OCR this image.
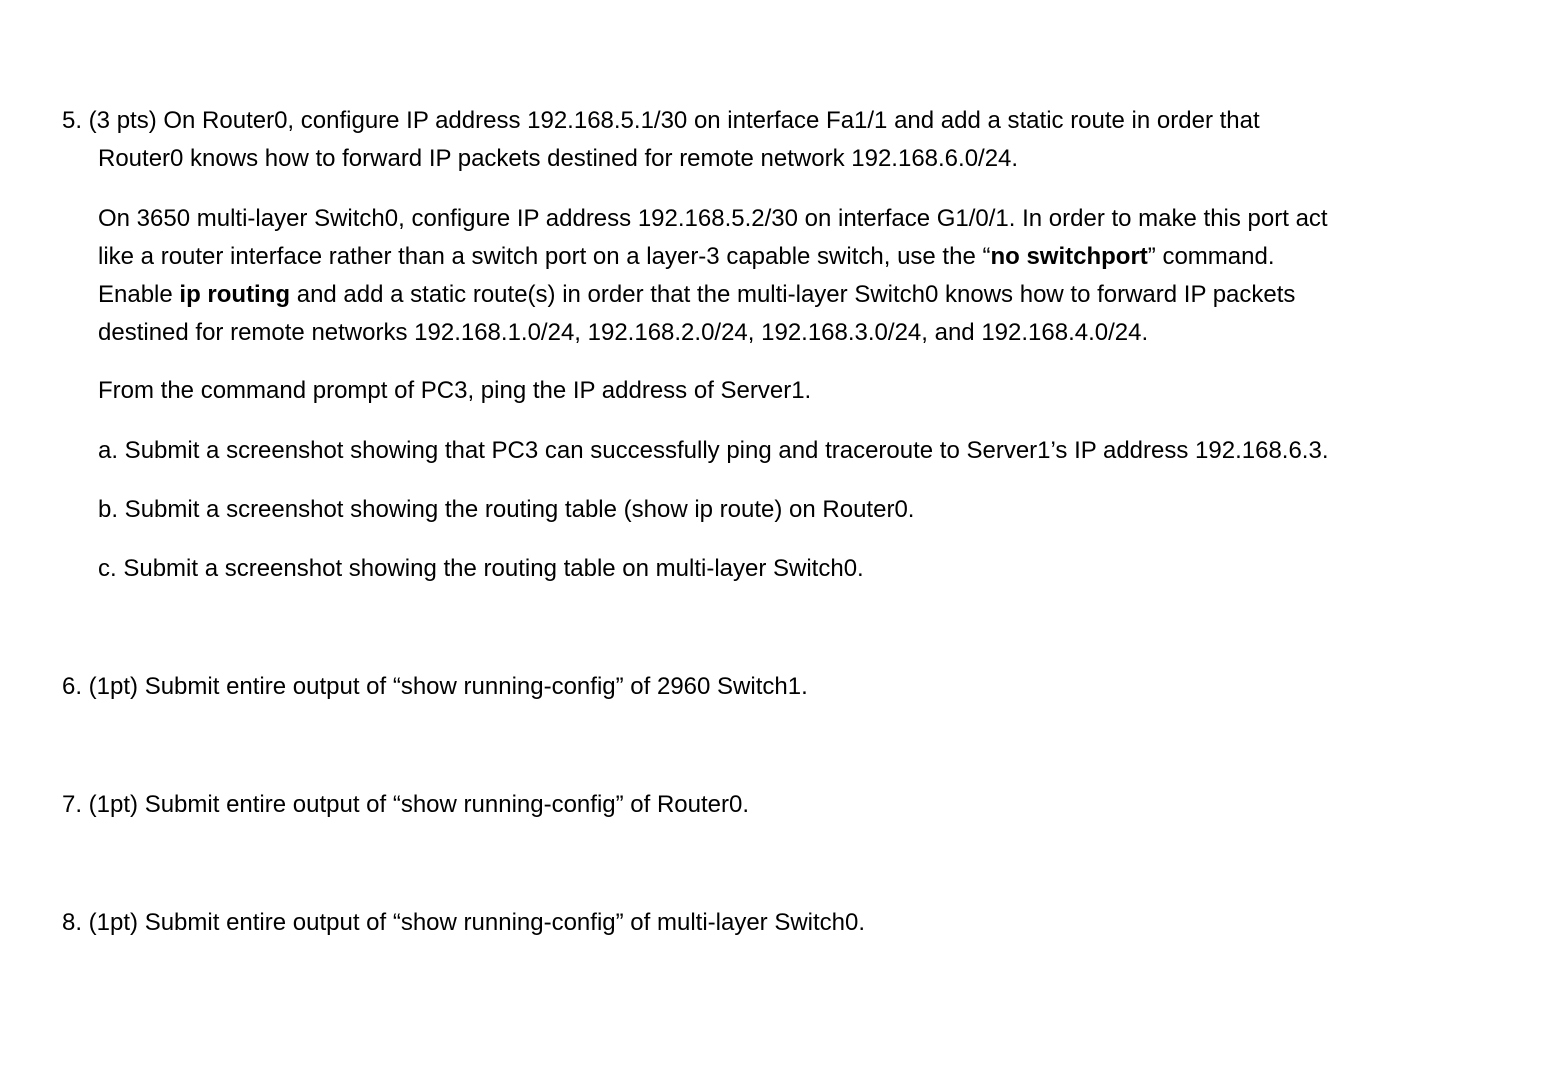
5. (3 pts) On Router0, configure IP address 192.168.5.1/30 on interface Fa1/1 and add a static route in order that
Router0 knows how to forward IP packets destined for remote network 192.168.6.0/24.

On 3650 multi-layer Switch0, configure IP address 192.168.5.2/30 on interface G1/0/1. In order to make this port act
like a router interface rather than a switch port on a layer-3 capable switch, use the “no switchport” command.
Enable ip routing and add a static route(s) in order that the multi-layer Switch0 knows how to forward IP packets
destined for remote networks 192.168.1.0/24, 192.168.2.0/24, 192.168.3.0/24, and 192.168.4.0/24.

From the command prompt of PC3, ping the IP address of Server1.

a. Submit a screenshot showing that PC3 can successfully ping and traceroute to Server1’s IP address 192.168.6.3.

b. Submit a screenshot showing the routing table (show ip route) on Router0.

c. Submit a screenshot showing the routing table on multi-layer Switch0.

6. (1pt) Submit entire output of “show running-config” of 2960 Switch1.

7. (1pt) Submit entire output of “show running-config” of Router0.

8. (1pt) Submit entire output of “show running-config” of multi-layer Switch0.
